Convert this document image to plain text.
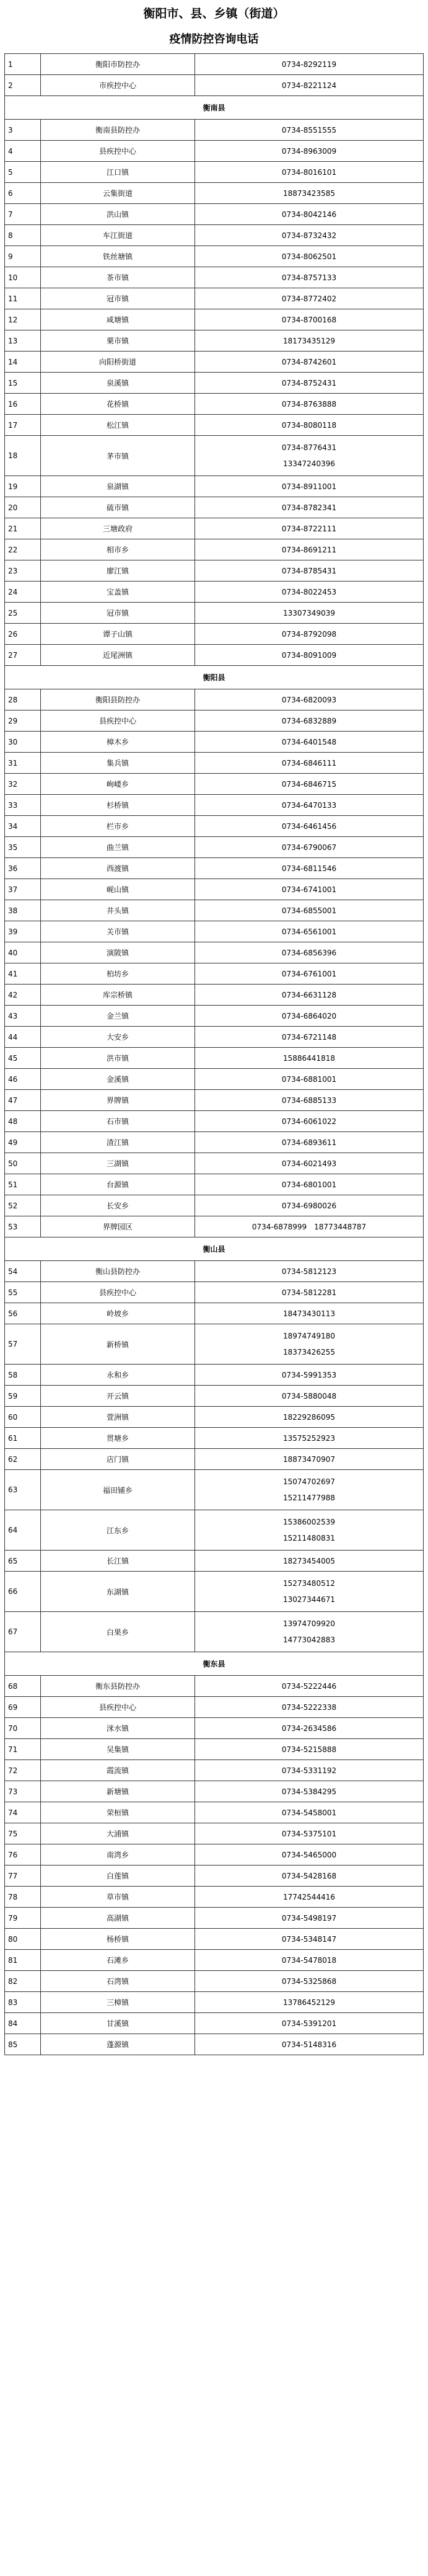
衡阳市、县、乡镇（街道）
疫情防控咨询电话
1	衡阳市防控办	0734-8292119

2	市疾控中心	0734-8221124

衡南县		
3	衡南县防控办	0734-8551555

4	县疾控中心	0734-8963009

5	江口镇	0734-8016101

6	云集街道	18873423585

7	洪山镇	0734-8042146

8	车江街道	0734-8732432

9	铁丝塘镇	0734-8062501

10	茶市镇	0734-8757133

11	冠市镇	0734-8772402

12	咸塘镇	0734-8700168

13	栗市镇	18173435129

14	向阳桥街道	0734-8742601

15	泉溪镇	0734-8752431

16	花桥镇	0734-8763888

17	松江镇	0734-8080118

18	茅市镇	0734-8776431
13347240396

19	泉湖镇	0734-8911001

20	硫市镇	0734-8782341

21	三塘政府	0734-8722111

22	相市乡	0734-8691211

23	廖江镇	0734-8785431

24	宝盖镇	0734-8022453

25	冠市镇	13307349039

26	谭子山镇	0734-8792098

27	近尾洲镇	0734-8091009

衡阳县		
28	衡阳县防控办	0734-6820093

29	县疾控中心	0734-6832889

30	樟木乡	0734-6401548

31	集兵镇	0734-6846111

32	岣嵝乡	0734-6846715

33	杉桥镇	0734-6470133

34	栏市乡	0734-6461456

35	曲兰镇	0734-6790067

36	西渡镇	0734-6811546

37	岘山镇	0734-6741001

38	井头镇	0734-6855001

39	关市镇	0734-6561001

40	演陂镇	0734-6856396

41	柏坊乡	0734-6761001

42	库宗桥镇	0734-6631128

43	金兰镇	0734-6864020

44	大安乡	0734-6721148

45	洪市镇	15886441818

46	金溪镇	0734-6881001

47	界牌镇	0734-6885133

48	石市镇	0734-6061022

49	渣江镇	0734-6893611

50	三湖镇	0734-6021493

51	台源镇	0734-6801001

52	长安乡	0734-6980026

53	界牌园区	0734-6878999　18773448787

衡山县		
54	衡山县防控办	0734-5812123

55	县疾控中心	0734-5812281

56	岭坡乡	18473430113

57	新桥镇	18974749180
18373426255

58	永和乡	0734-5991353

59	开云镇	0734-5880048

60	萱洲镇	18229286095

61	贯塘乡	13575252923

62	店门镇	18873470907

63	福田铺乡	15074702697
15211477988

64	江东乡	15386002539
15211480831

65	长江镇	18273454005

66	东湖镇	15273480512
13027344671

67	白果乡	13974709920
14773042883

衡东县		
68	衡东县防控办	0734-5222446

69	县疾控中心	0734-5222338

70	洣水镇	0734-2634586

71	吴集镇	0734-5215888

72	霞流镇	0734-5331192

73	新塘镇	0734-5384295

74	荣桓镇	0734-5458001

75	大浦镇	0734-5375101

76	南湾乡	0734-5465000

77	白莲镇	0734-5428168

78	草市镇	17742544416

79	高湖镇	0734-5498197

80	杨桥镇	0734-5348147

81	石滩乡	0734-5478018

82	石湾镇	0734-5325868

83	三樟镇	13786452129

84	甘溪镇	0734-5391201

85	蓬源镇	0734-5148316
